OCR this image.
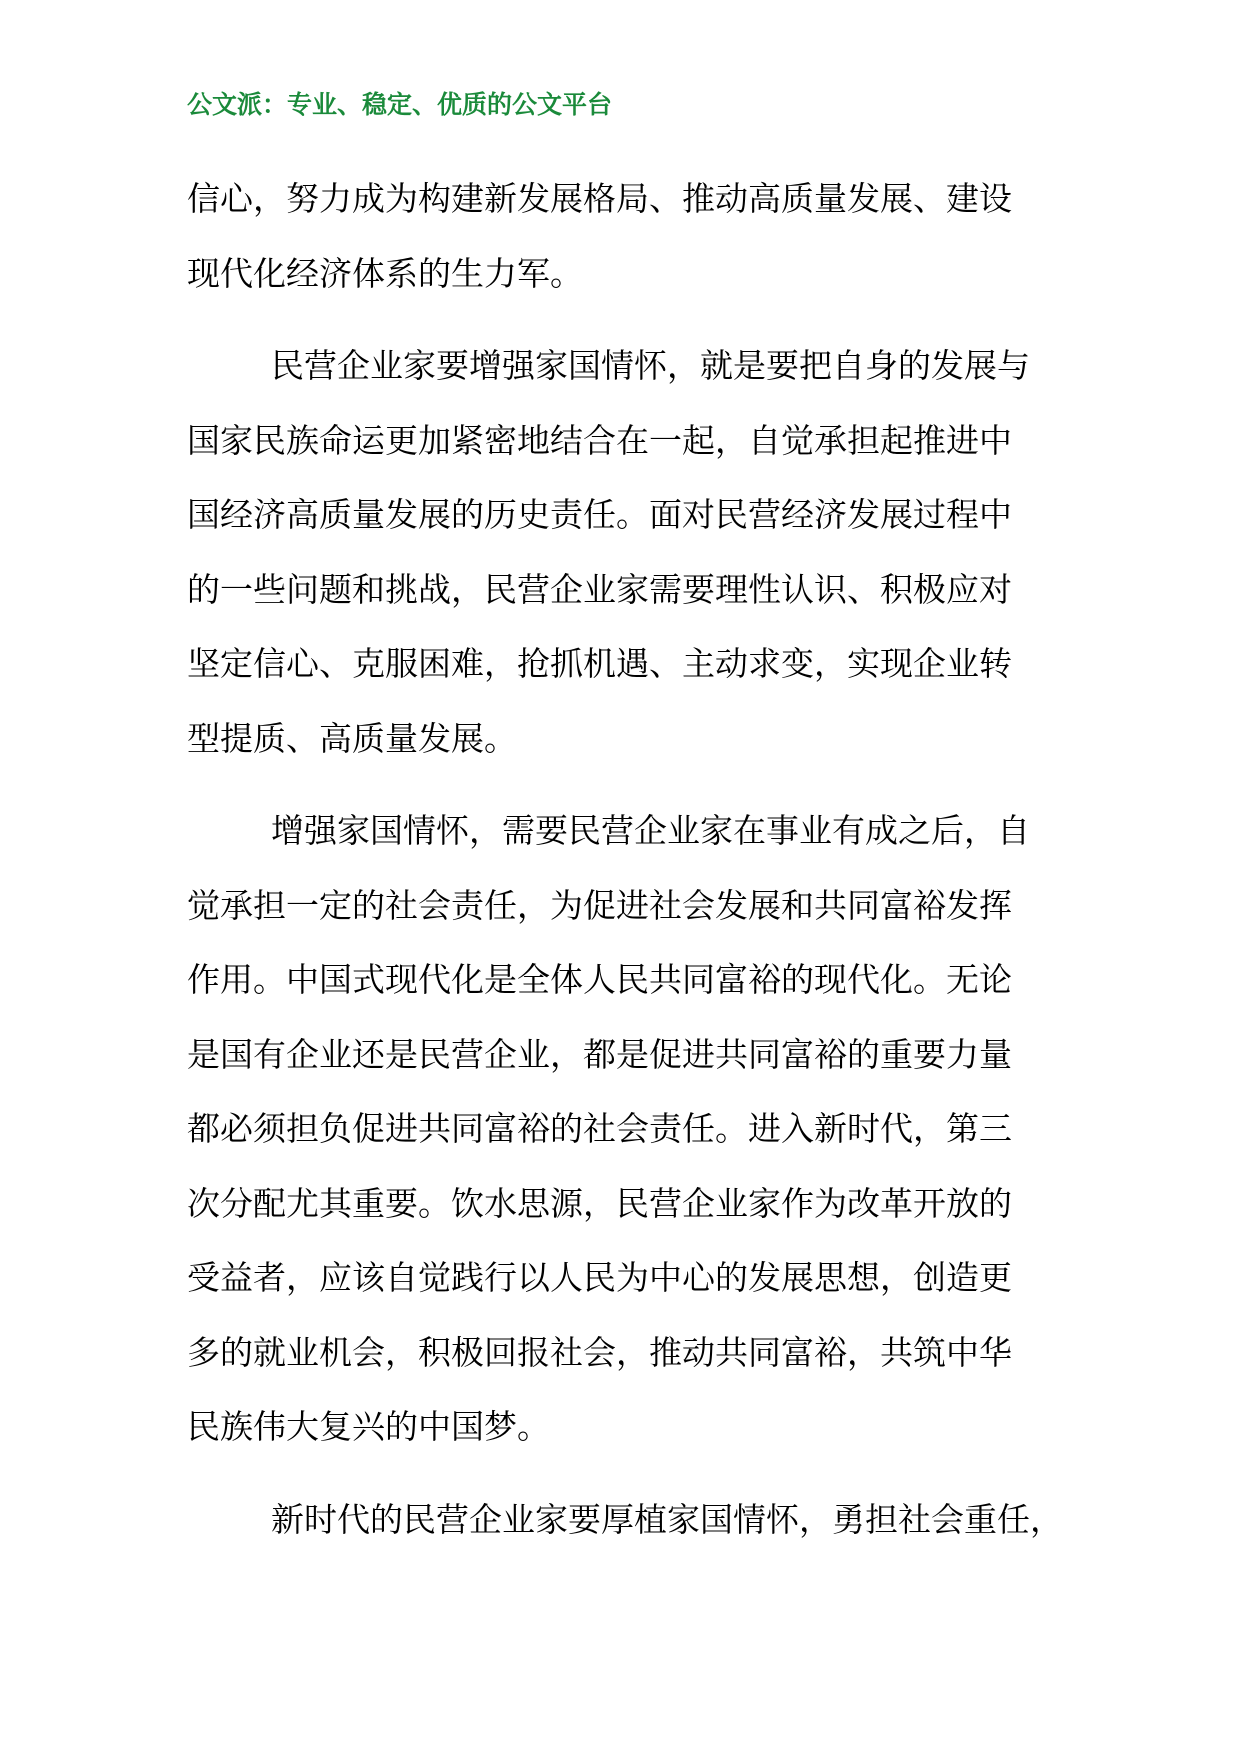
公文派：专业、稳定、优质的公文平台
信心，努力成为构建新发展格局、推动高质量发展、建设
现代化经济体系的生力军。
民营企业家要增强家国情怀，就是要把自身的发展与
国家民族命运更加紧密地结合在一起，自觉承担起推进中
国经济高质量发展的历史责任。面对民营经济发展过程中
的一些问题和挑战，民营企业家需要理性认识、积极应对
坚定信心、克服困难，抢抓机遇、主动求变，实现企业转
型提质、高质量发展。
增强家国情怀，需要民营企业家在事业有成之后，自
觉承担一定的社会责任，为促进社会发展和共同富裕发挥
作用。中国式现代化是全体人民共同富裕的现代化。无论
是国有企业还是民营企业，都是促进共同富裕的重要力量
都必须担负促进共同富裕的社会责任。进入新时代，第三
次分配尤其重要。饮水思源，民营企业家作为改革开放的
受益者，应该自觉践行以人民为中心的发展思想，创造更
多的就业机会，积极回报社会，推动共同富裕，共筑中华
民族伟大复兴的中国梦。
新时代的民营企业家要厚植家国情怀，勇担社会重任，
